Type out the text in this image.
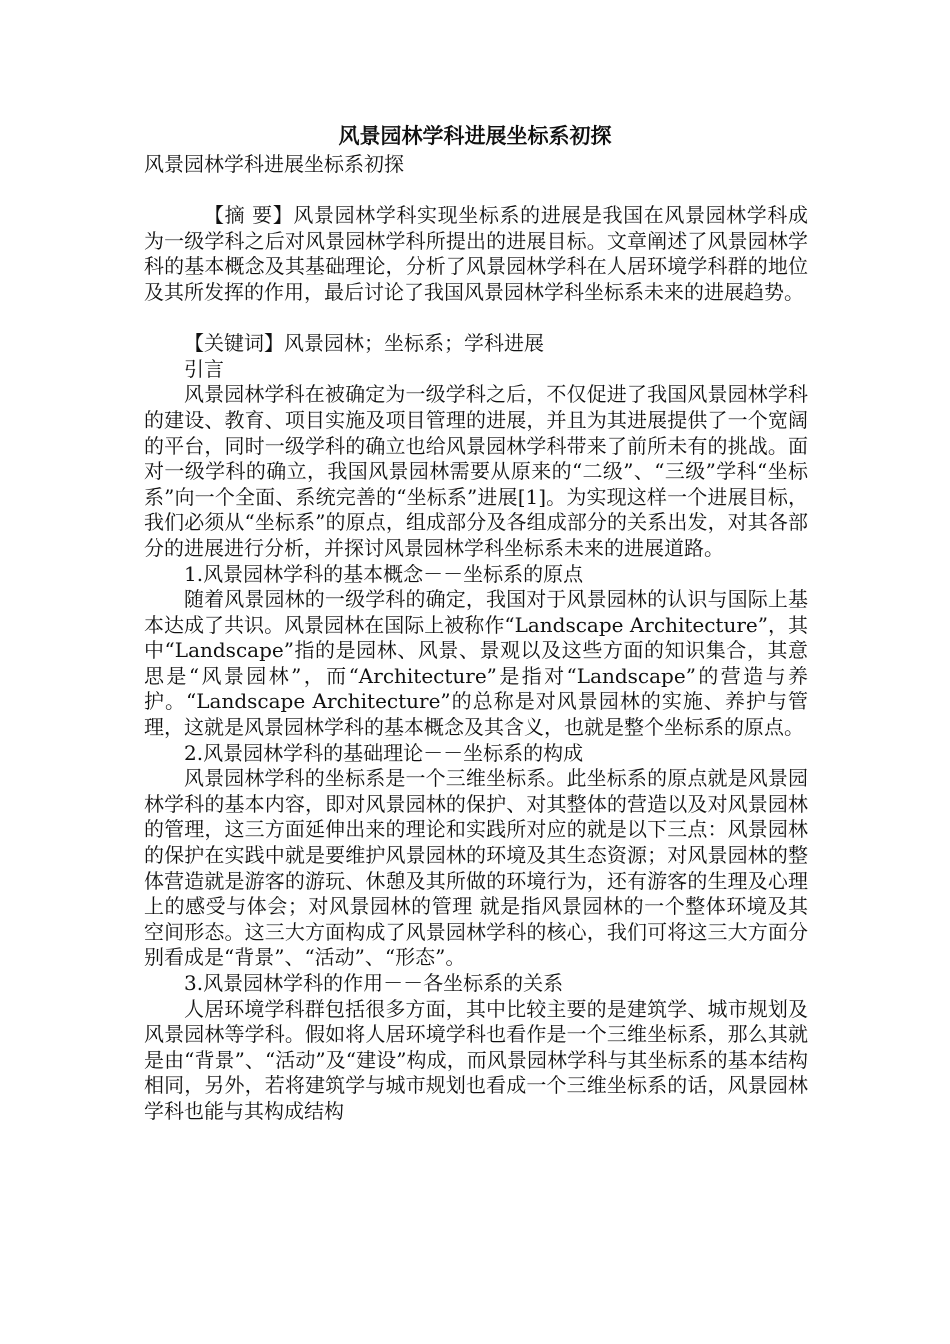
风景园林学科进展坐标系初探

风景园林学科进展坐标系初探

【摘 要】风景园林学科实现坐标系的进展是我国在风景园林学科成为一级学科之后对风景园林学科所提出的进展目标。文章阐述了风景园林学科的基本概念及其基础理论，分析了风景园林学科在人居环境学科群的地位及其所发挥的作用，最后讨论了我国风景园林学科坐标系未来的进展趋势。

【关键词】风景园林；坐标系；学科进展

引言

风景园林学科在被确定为一级学科之后，不仅促进了我国风景园林学科的建设、教育、项目实施及项目管理的进展，并且为其进展提供了一个宽阔的平台，同时一级学科的确立也给风景园林学科带来了前所未有的挑战。面对一级学科的确立，我国风景园林需要从原来的“二级”、“三级”学科“坐标系”向一个全面、系统完善的“坐标系”进展[1]。为实现这样一个进展目标，我们必须从“坐标系”的原点，组成部分及各组成部分的关系出发，对其各部分的进展进行分析，并探讨风景园林学科坐标系未来的进展道路。

1.风景园林学科的基本概念－－坐标系的原点

随着风景园林的一级学科的确定，我国对于风景园林的认识与国际上基本达成了共识。风景园林在国际上被称作“Landscape Architecture”，其中“Landscape”指的是园林、风景、景观以及这些方面的知识集合，其意思是“风景园林”，而“Architecture”是指对“Landscape”的营造与养护。“Landscape Architecture”的总称是对风景园林的实施、养护与管理，这就是风景园林学科的基本概念及其含义，也就是整个坐标系的原点。

2.风景园林学科的基础理论－－坐标系的构成

风景园林学科的坐标系是一个三维坐标系。此坐标系的原点就是风景园林学科的基本内容，即对风景园林的保护、对其整体的营造以及对风景园林的管理，这三方面延伸出来的理论和实践所对应的就是以下三点：风景园林的保护在实践中就是要维护风景园林的环境及其生态资源；对风景园林的整体营造就是游客的游玩、休憩及其所做的环境行为，还有游客的生理及心理上的感受与体会；对风景园林的管理 就是指风景园林的一个整体环境及其空间形态。这三大方面构成了风景园林学科的核心，我们可将这三大方面分别看成是“背景”、“活动”、“形态”。

3.风景园林学科的作用－－各坐标系的关系

人居环境学科群包括很多方面，其中比较主要的是建筑学、城市规划及风景园林等学科。假如将人居环境学科也看作是一个三维坐标系，那么其就是由“背景”、“活动”及“建设”构成，而风景园林学科与其坐标系的基本结构相同，另外，若将建筑学与城市规划也看成一个三维坐标系的话，风景园林学科也能与其构成结构
